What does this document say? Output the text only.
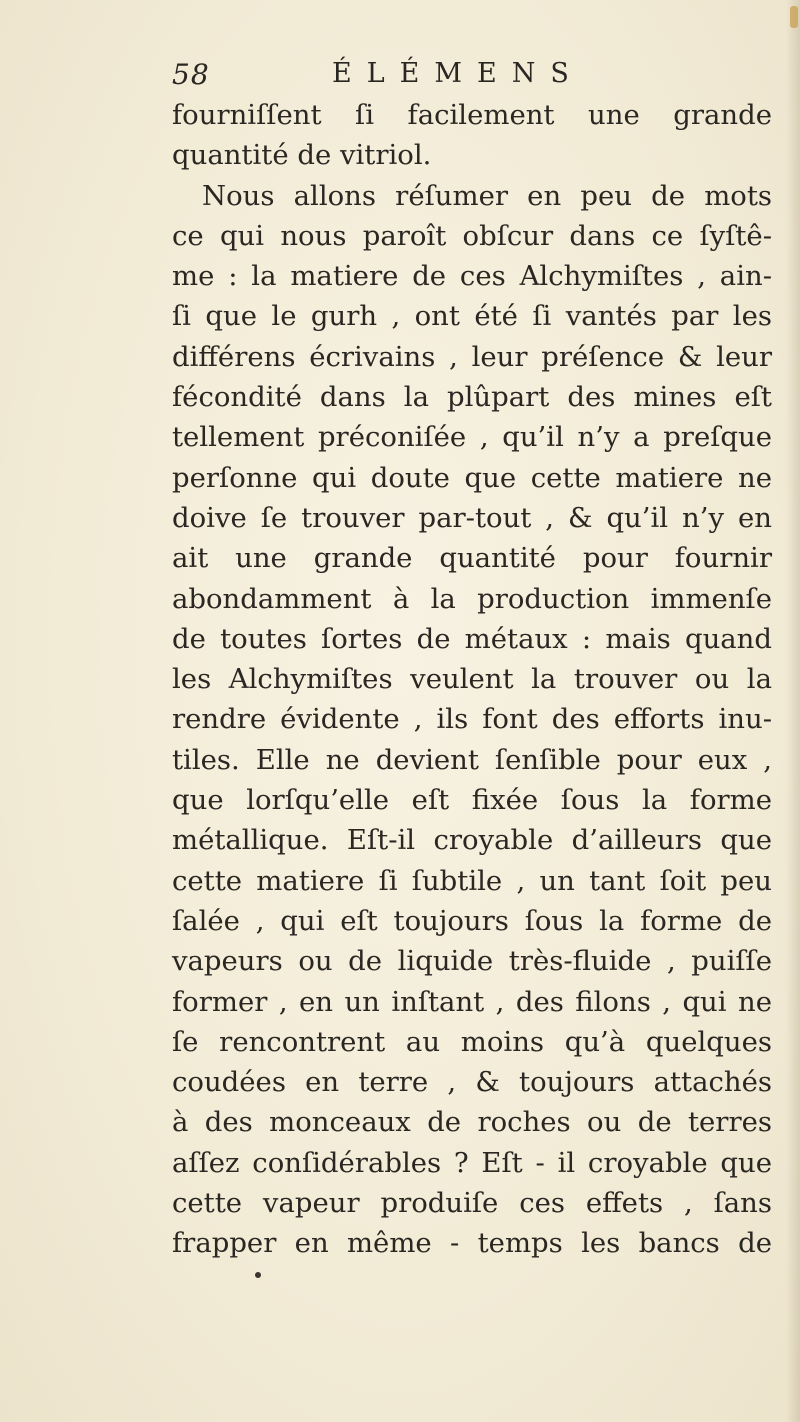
58	ÉLÉMENS
fourniſſent ſi facilement une grande
quantité de vitriol.
Nous allons réſumer en peu de mots
ce qui nous paroît obſcur dans ce ſyſtê-
me : la matiere de ces Alchymiſtes , ain-
ſi que le gurh , ont été ſi vantés par les
différens écrivains , leur préſence & leur
fécondité dans la plûpart des mines eſt
tellement préconiſée , qu’il n’y a preſque
perſonne qui doute que cette matiere ne
doive ſe trouver par-tout , & qu’il n’y en
ait une grande quantité pour fournir
abondamment à la production immenſe
de toutes ſortes de métaux : mais quand
les Alchymiſtes veulent la trouver ou la
rendre évidente , ils font des efforts inu-
tiles. Elle ne devient ſenſible pour eux ,
que lorſqu’elle eſt fixée ſous la forme
métallique. Eſt-il croyable d’ailleurs que
cette matiere ſi ſubtile , un tant ſoit peu
ſalée , qui eſt toujours ſous la forme de
vapeurs ou de liquide très-fluide , puiſſe
former , en un inſtant , des filons , qui ne
ſe rencontrent au moins qu’à quelques
coudées en terre , & toujours attachés
à des monceaux de roches ou de terres
aſſez conſidérables ? Eſt - il croyable que
cette vapeur produiſe ces effets , ſans
frapper en même - temps les bancs de
